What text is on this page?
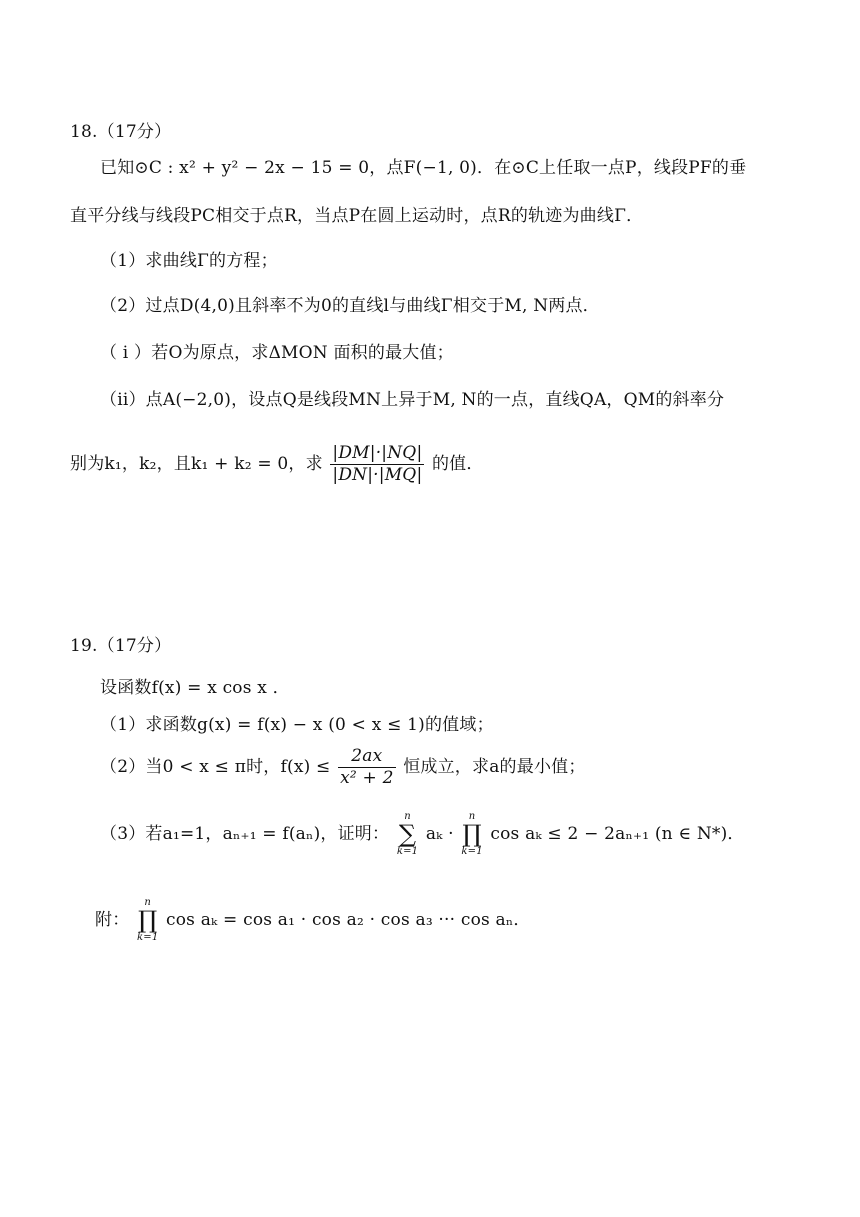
18.（17分）
已知⊙C : x² + y² − 2x − 15 = 0，点F(−1, 0)．在⊙C上任取一点P，线段PF的垂
直平分线与线段PC相交于点R，当点P在圆上运动时，点R的轨迹为曲线Γ．
（1）求曲线Γ的方程；
（2）过点D(4,0)且斜率不为0的直线l与曲线Γ相交于M, N两点．
（ i ）若O为原点，求ΔMON 面积的最大值；
（ii）点A(−2,0)，设点Q是线段MN上异于M, N的一点，直线QA，QM的斜率分
别为k₁，k₂，且k₁ + k₂ = 0，求 $\frac{|DM|\cdot|NQ|}{|DN|\cdot|MQ|}$ 的值．
19.（17分）
设函数f(x) = x cos x ．
（1）求函数g(x) = f(x) − x (0 < x ≤ 1)的值域；
（2）当0 < x ≤ π时，$f(x) \le \frac{2ax}{\text{x² + 2}}$ 恒成立，求a的最小值；
（3）若a₁=1，aₙ₊₁ = f(aₙ)，证明：
n
∑
k=1
aₖ ·
n
∏
k=1
cos aₖ ≤ 2 − 2aₙ₊₁ (n ∈ N*)．
附：
n
∏
k=1
cos aₖ = cos a₁ · cos a₂ · cos a₃ ··· cos aₙ．
